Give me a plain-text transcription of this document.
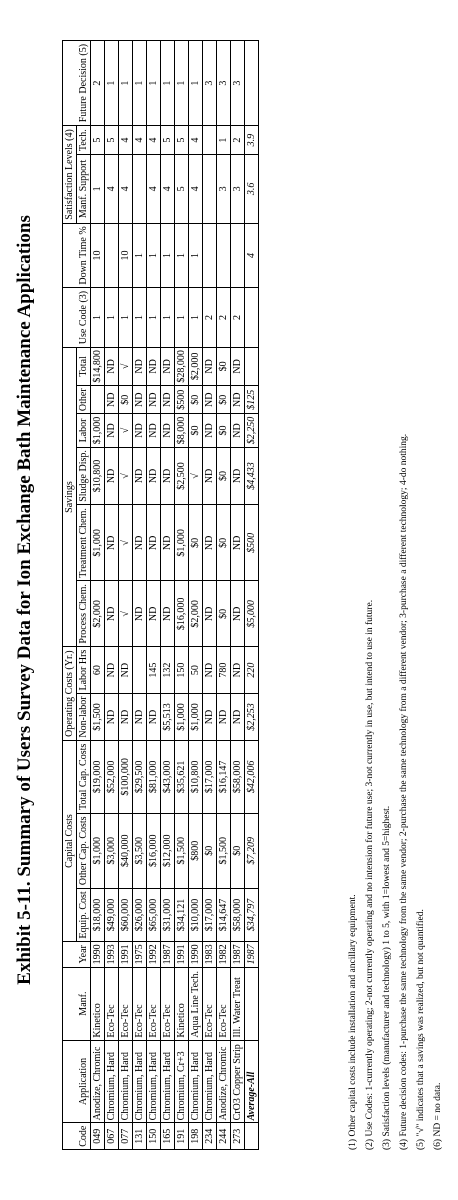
Exhibit 5-11. Summary of Users Survey Data for Ion Exchange Bath Maintenance Applications
Code	Application	Manf.	Year	Capital Costs			Operating Costs (Yr.)		Savings						Use Code (3)	Down Time %	Satisfaction Levels (4)		Future Decision (5)
				Equip. Cost	Other Cap. Costs	Total Cap. Costs	Non-labor	Labor Hrs	Process Chem.	Treatment Chem.	Sludge Disp.	Labor	Other	Total			Manf. Support	Tech.	
049	Anodize, Chromic	Kinetico	1990	$18,000	$1,000	$19,000	$1,500	60	$2,000	$1,000	$10,800	$1,000		$14,800	1	10	1	5	2
067	Chromium, Hard	Eco-Tec	1993	$49,000	$3,000	$52,000	ND	ND	ND	ND	ND	ND	ND	ND	1		4	5	1
077	Chromium, Hard	Eco-Tec	1991	$60,000	$40,000	$100,000	ND	ND	√	√	√	√	$0	√	1	10	4	4	1
131	Chromium, Hard	Eco-Tec	1975	$26,000	$3,500	$29,500	ND		ND	ND	ND	ND	ND	ND	1	1		4	1
150	Chromium, Hard	Eco-Tec	1992	$65,000	$16,000	$81,000	ND	145	ND	ND	ND	ND	ND	ND	1	1	4	4	1
165	Chromium, Hard	Eco-Tec	1987	$31,000	$12,000	$43,000	$5,513	132	ND	ND	ND	ND	ND	ND	1	1	4	5	1
191	Chromium, Cr+3	Kinetico	1991	$34,121	$1,500	$35,621	$1,000	150	$16,000	$1,000	$2,500	$8,000	$500	$28,000	1	1	5	5	1
198	Chromium, Hard	Aqua Line Tech.	1990	$10,000	$800	$10,800	$1,000	50	$2,000	$0	√	$0	$0	$2,000	1	1	4	4	1
234	Chromium, Hard	Eco-Tec	1983	$17,000	$0	$17,000	ND	ND	ND	ND	ND	ND	ND	ND	2				3
244	Anodize, Chromic	Eco-Tec	1982	$14,647	$1,500	$16,147	ND	780	$0	$0	$0	$0	$0	$0	2		3	1	3
273	CrO3 Copper Strip	Ill. Water Treat	1987	$58,000	$0	$58,000	ND	ND	ND	ND	ND	ND	ND	ND	2		3	2	3
	Average-All		1987	$34,797	$7,209	$42,006	$2,253	220	$5,000	$500	$4,433	$2,250	$125			4	3.6	3.9	
(1) Other capital costs include installation and ancillary equipment. (2) Use Codes: 1-currently operating; 2-not currently operating and no intension for future use; 3-not currently in use, but intend to use in future. (3) Satisfaction levels (manufacturer and technology) 1 to 5, with 1=lowest and 5=highest. (4) Future decision codes: 1-purchase the same technology from the same vendor; 2-purchase the same technology from a different vendor; 3-purchase a different technology; 4-do nothing. (5) "√" indicates that a savings was realized, but not quantified. (6) ND = no data.
